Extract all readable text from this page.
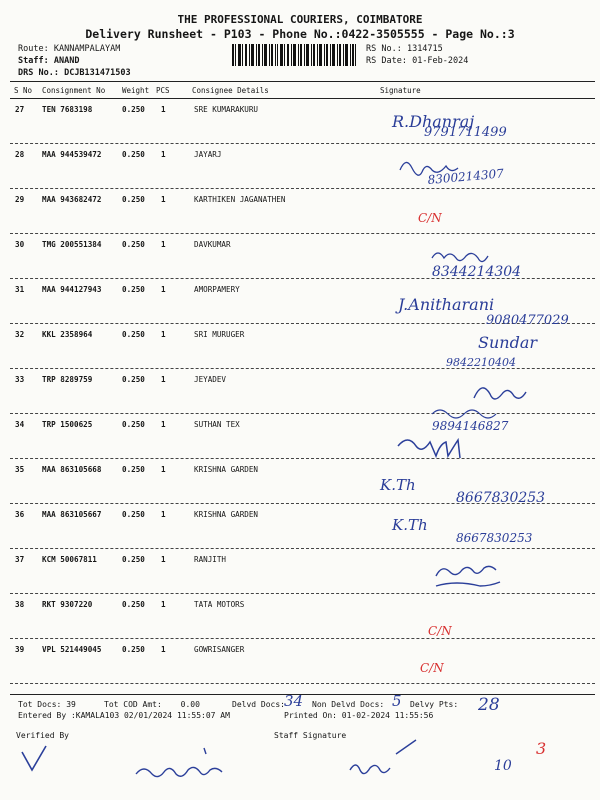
THE PROFESSIONAL COURIERS, COIMBATORE
Delivery Runsheet - P103 - Phone No.:0422-3505555 - Page No.:3
Route: KANNAMPALAYAM
Staff: ANAND
DRS No.: DCJB131471503
RS No.: 1314715
RS Date: 01-Feb-2024
S No Consignment No Weight PCS	Consignee Details	Signature
27 TEN 7683198	0.250 1	SRE KUMARAKURU
28 MAA 944539472	0.250 1	JAYARJ
29 MAA 943682472	0.250 1	KARTHIKEN JAGANATHEN
30 TMG 200551384	0.250 1	DAVKUMAR
31 MAA 944127943	0.250 1	AMORPAMERY
32 KKL 2358964	0.250 1	SRI MURUGER
33 TRP 8289759	0.250 1	JEYADEV
34 TRP 1500625	0.250 1	SUTHAN TEX
35 MAA 863105668	0.250 1	KRISHNA GARDEN
36 MAA 863105667	0.250 1	KRISHNA GARDEN
37 KCM 50067811	0.250 1	RANJITH
38 RKT 9307220	0.250 1	TATA MOTORS
39 VPL 521449045	0.250 1	GOWRISANGER
Tot Docs: 39	Tot COD Amt: 0.00	Delvd Docs:	Non Delvd Docs:	Delvy Pts:
Entered By :KAMALA103 02/01/2024 11:55:07 AM	Printed On: 01-02-2024 11:55:56
Verified By	Staff Signature
R.Dhanraj
9791711499
8300214307
C/N
8344214304
J.Anitharani
9080477029
Sundar
9842210404
9894146827
K.Th
8667830253
K.Th
8667830253
C/N
C/N
34	5	28
10
3
